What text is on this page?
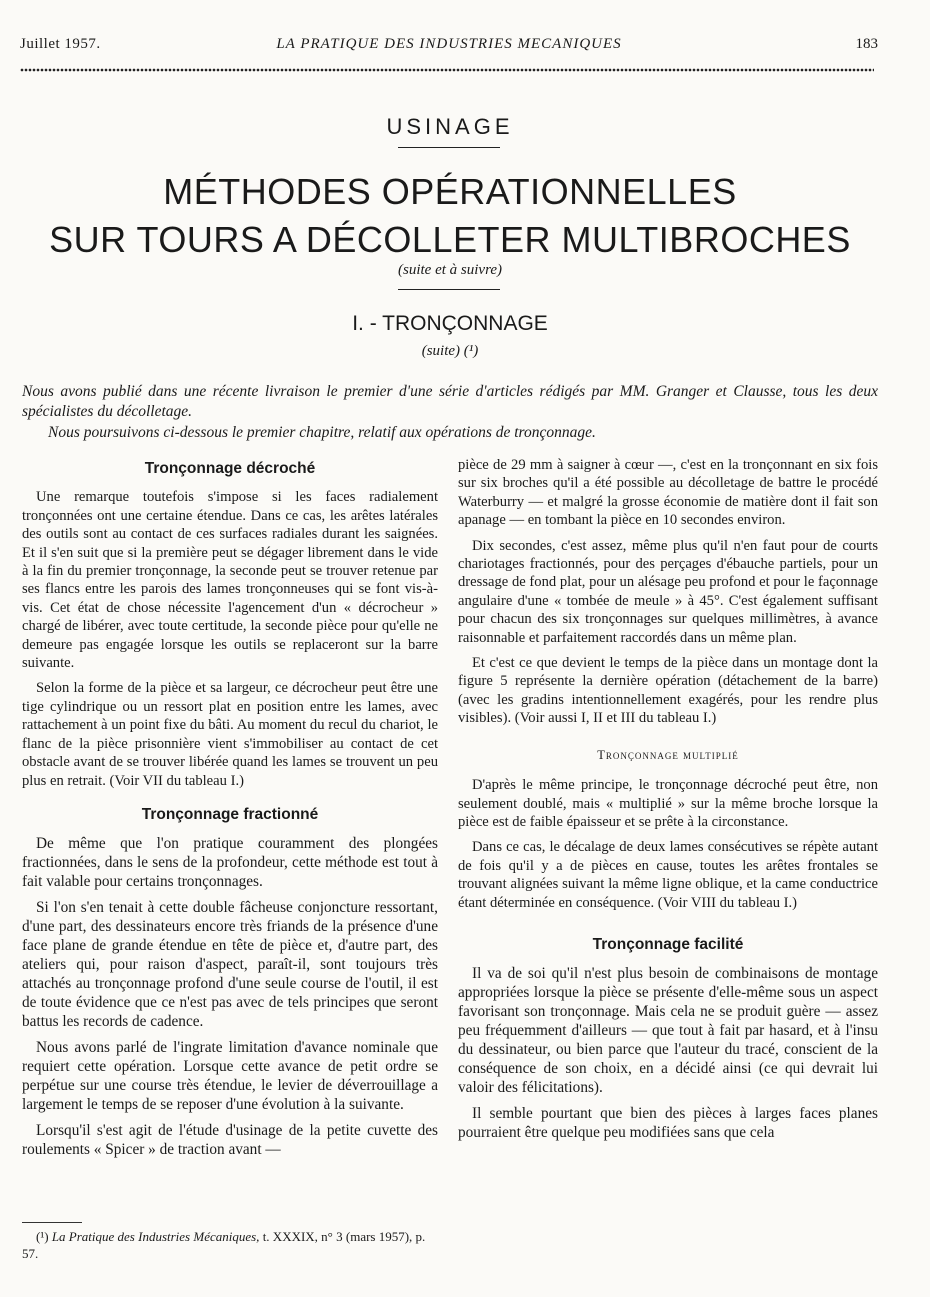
Juillet 1957.	LA PRATIQUE DES INDUSTRIES MECANIQUES	183
USINAGE
MÉTHODES OPÉRATIONNELLES
SUR TOURS A DÉCOLLETER MULTIBROCHES
(suite et à suivre)
I. - TRONÇONNAGE
(suite) (¹)

Nous avons publié dans une récente livraison le premier d'une série d'articles rédigés par MM. Granger et Clausse, tous les deux spécialistes du décolletage.

Nous poursuivons ci-dessous le premier chapitre, relatif aux opérations de tronçonnage.

Tronçonnage décroché

Une remarque toutefois s'impose si les faces radialement tronçonnées ont une certaine étendue. Dans ce cas, les arêtes latérales des outils sont au contact de ces surfaces radiales durant les saignées. Et il s'en suit que si la première peut se dégager librement dans le vide à la fin du premier tronçonnage, la seconde peut se trouver retenue par ses flancs entre les parois des lames tronçonneuses qui se font vis-à-vis. Cet état de chose nécessite l'agencement d'un « décrocheur » chargé de libérer, avec toute certitude, la seconde pièce pour qu'elle ne demeure pas engagée lorsque les outils se replaceront sur la barre suivante.

Selon la forme de la pièce et sa largeur, ce décrocheur peut être une tige cylindrique ou un ressort plat en position entre les lames, avec rattachement à un point fixe du bâti. Au moment du recul du chariot, le flanc de la pièce prisonnière vient s'immobiliser au contact de cet obstacle avant de se trouver libérée quand les lames se trouvent un peu plus en retrait. (Voir VII du tableau I.)

Tronçonnage fractionné

De même que l'on pratique couramment des plongées fractionnées, dans le sens de la profondeur, cette méthode est tout à fait valable pour certains tronçonnages.

Si l'on s'en tenait à cette double fâcheuse conjoncture ressortant, d'une part, des dessinateurs encore très friands de la présence d'une face plane de grande étendue en tête de pièce et, d'autre part, des ateliers qui, pour raison d'aspect, paraît-il, sont toujours très attachés au tronçonnage profond d'une seule course de l'outil, il est de toute évidence que ce n'est pas avec de tels principes que seront battus les records de cadence.

Nous avons parlé de l'ingrate limitation d'avance nominale que requiert cette opération. Lorsque cette avance de petit ordre se perpétue sur une course très étendue, le levier de déverrouillage a largement le temps de se reposer d'une évolution à la suivante.

Lorsqu'il s'est agit de l'étude d'usinage de la petite cuvette des roulements « Spicer » de traction avant —

pièce de 29 mm à saigner à cœur —, c'est en la tronçonnant en six fois sur six broches qu'il a été possible au décolletage de battre le procédé Waterburry — et malgré la grosse économie de matière dont il fait son apanage — en tombant la pièce en 10 secondes environ.

Dix secondes, c'est assez, même plus qu'il n'en faut pour de courts chariotages fractionnés, pour des perçages d'ébauche partiels, pour un dressage de fond plat, pour un alésage peu profond et pour le façonnage angulaire d'une « tombée de meule » à 45°. C'est également suffisant pour chacun des six tronçonnages sur quelques millimètres, à avance raisonnable et parfaitement raccordés dans un même plan.

Et c'est ce que devient le temps de la pièce dans un montage dont la figure 5 représente la dernière opération (détachement de la barre) (avec les gradins intentionnellement exagérés, pour les rendre plus visibles). (Voir aussi I, II et III du tableau I.)

Tronçonnage multiplié

D'après le même principe, le tronçonnage décroché peut être, non seulement doublé, mais « multiplié » sur la même broche lorsque la pièce est de faible épaisseur et se prête à la circonstance.

Dans ce cas, le décalage de deux lames consécutives se répète autant de fois qu'il y a de pièces en cause, toutes les arêtes frontales se trouvant alignées suivant la même ligne oblique, et la came conductrice étant déterminée en conséquence. (Voir VIII du tableau I.)

Tronçonnage facilité

Il va de soi qu'il n'est plus besoin de combinaisons de montage appropriées lorsque la pièce se présente d'elle-même sous un aspect favorisant son tronçonnage. Mais cela ne se produit guère — assez peu fréquemment d'ailleurs — que tout à fait par hasard, et à l'insu du dessinateur, ou bien parce que l'auteur du tracé, conscient de la conséquence de son choix, en a décidé ainsi (ce qui devrait lui valoir des félicitations).

Il semble pourtant que bien des pièces à larges faces planes pourraient être quelque peu modifiées sans que cela

(¹) La Pratique des Industries Mécaniques, t. XXXIX, n° 3 (mars 1957), p. 57.
